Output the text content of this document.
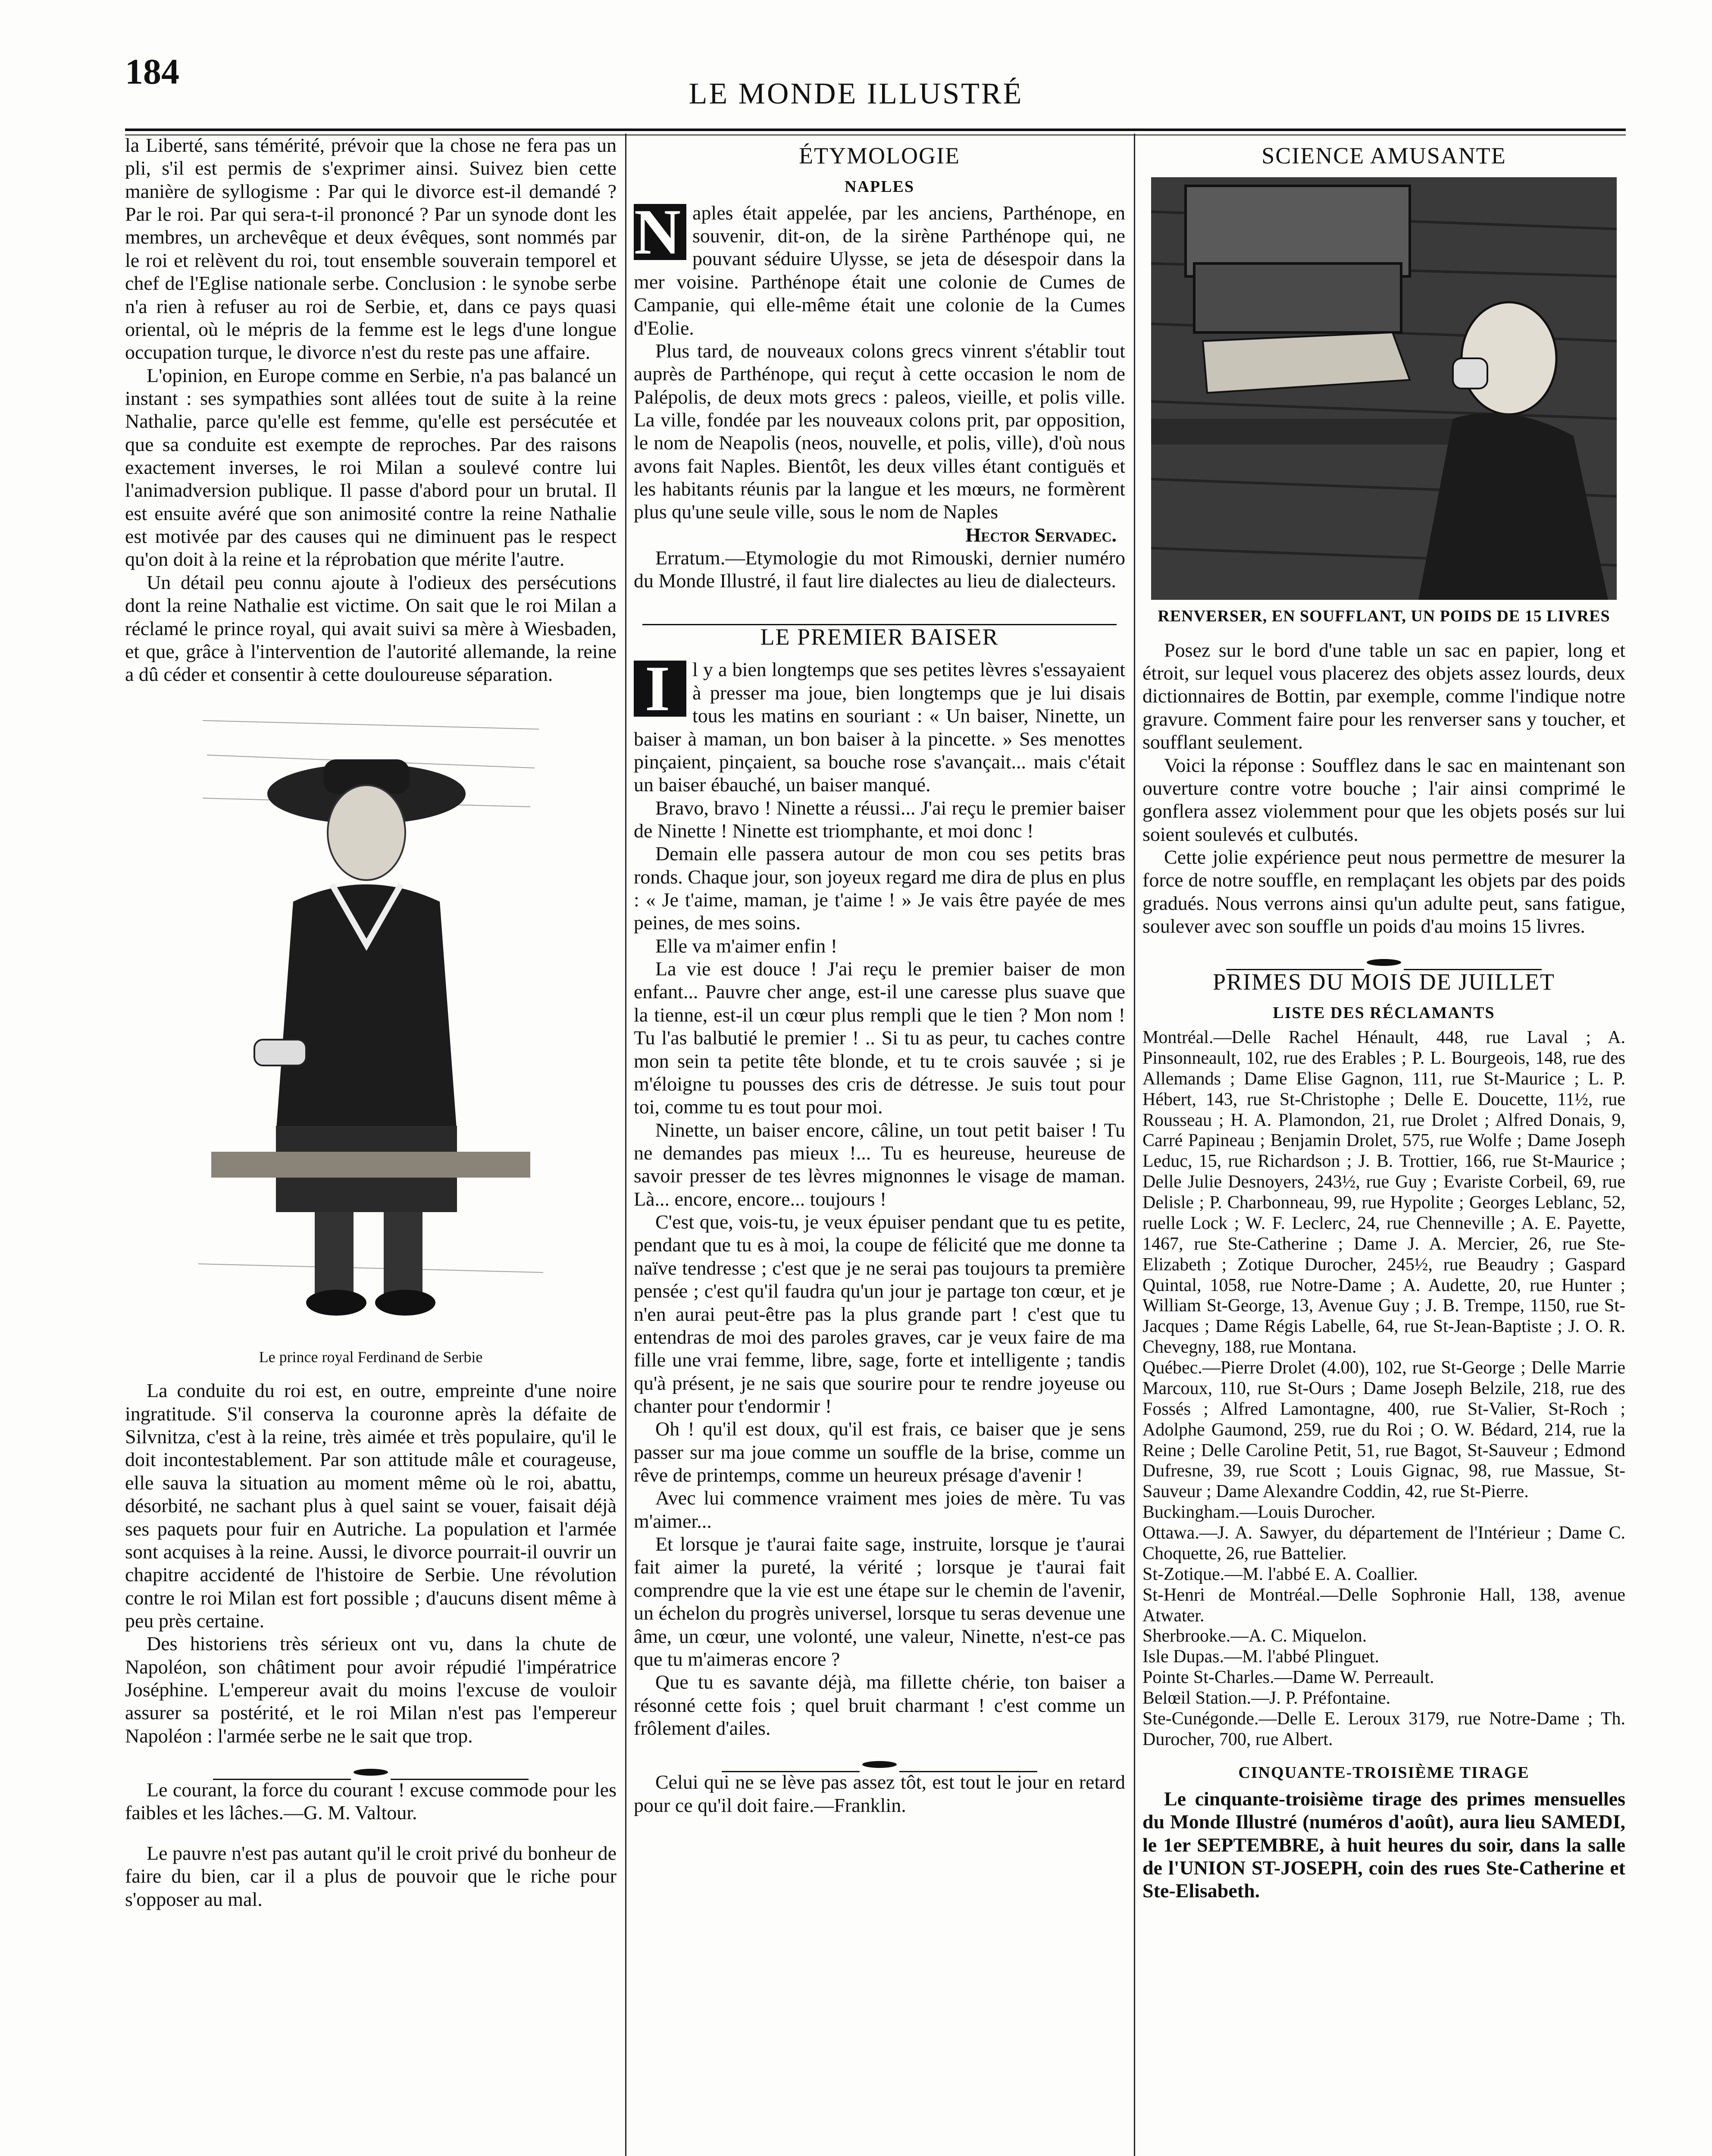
184
LE MONDE ILLUSTRÉ

la Liberté, sans témérité, prévoir que la chose ne fera pas un pli, s'il est permis de s'exprimer ainsi. Suivez bien cette manière de syllogisme : Par qui le divorce est-il demandé ? Par le roi. Par qui sera-t-il prononcé ? Par un synode dont les membres, un archevêque et deux évêques, sont nommés par le roi et relèvent du roi, tout ensemble souverain temporel et chef de l'Eglise nationale serbe. Conclusion : le synobe serbe n'a rien à refuser au roi de Serbie, et, dans ce pays quasi oriental, où le mépris de la femme est le legs d'une longue occupation turque, le divorce n'est du reste pas une affaire.

L'opinion, en Europe comme en Serbie, n'a pas balancé un instant : ses sympathies sont allées tout de suite à la reine Nathalie, parce qu'elle est femme, qu'elle est persécutée et que sa conduite est exempte de reproches. Par des raisons exactement inverses, le roi Milan a soulevé contre lui l'animadversion publique. Il passe d'abord pour un brutal. Il est ensuite avéré que son animosité contre la reine Nathalie est motivée par des causes qui ne diminuent pas le respect qu'on doit à la reine et la réprobation que mérite l'autre.

Un détail peu connu ajoute à l'odieux des persécutions dont la reine Nathalie est victime. On sait que le roi Milan a réclamé le prince royal, qui avait suivi sa mère à Wiesbaden, et que, grâce à l'intervention de l'autorité allemande, la reine a dû céder et consentir à cette douloureuse séparation.

Le prince royal Ferdinand de Serbie

La conduite du roi est, en outre, empreinte d'une noire ingratitude. S'il conserva la couronne après la défaite de Silvnitza, c'est à la reine, très aimée et très populaire, qu'il le doit incontestablement. Par son attitude mâle et courageuse, elle sauva la situation au moment même où le roi, abattu, désorbité, ne sachant plus à quel saint se vouer, faisait déjà ses paquets pour fuir en Autriche. La population et l'armée sont acquises à la reine. Aussi, le divorce pourrait-il ouvrir un chapitre accidenté de l'histoire de Serbie. Une révolution contre le roi Milan est fort possible ; d'aucuns disent même à peu près certaine.

Des historiens très sérieux ont vu, dans la chute de Napoléon, son châtiment pour avoir répudié l'impératrice Joséphine. L'empereur avait du moins l'excuse de vouloir assurer sa postérité, et le roi Milan n'est pas l'empereur Napoléon : l'armée serbe ne le sait que trop.

Le courant, la force du courant ! excuse commode pour les faibles et les lâches.—G. M. Valtour.

Le pauvre n'est pas autant qu'il le croit privé du bonheur de faire du bien, car il a plus de pouvoir que le riche pour s'opposer au mal.

ÉTYMOLOGIE
NAPLES
N aples était appelée, par les anciens, Parthénope, en souvenir, dit-on, de la sirène Parthénope qui, ne pouvant séduire Ulysse, se jeta de désespoir dans la mer voisine. Parthénope était une colonie de Cumes de Campanie, qui elle-même était une colonie de la Cumes d'Eolie.

Plus tard, de nouveaux colons grecs vinrent s'établir tout auprès de Parthénope, qui reçut à cette occasion le nom de Palépolis, de deux mots grecs : paleos, vieille, et polis ville. La ville, fondée par les nouveaux colons prit, par opposition, le nom de Neapolis (neos, nouvelle, et polis, ville), d'où nous avons fait Naples. Bientôt, les deux villes étant contiguës et les habitants réunis par la langue et les mœurs, ne formèrent plus qu'une seule ville, sous le nom de Naples

Hector Servadec.

Erratum.—Etymologie du mot Rimouski, dernier numéro du Monde Illustré, il faut lire dialectes au lieu de dialecteurs.

LE PREMIER BAISER
I	l y a bien longtemps que ses petites lèvres s'essayaient à presser ma joue, bien longtemps que je lui disais tous les matins en souriant : « Un baiser, Ninette, un baiser à maman, un bon baiser à la pincette. » Ses menottes pinçaient, pinçaient, sa bouche rose s'avançait... mais c'était un baiser ébauché, un baiser manqué.

Bravo, bravo ! Ninette a réussi... J'ai reçu le premier baiser de Ninette ! Ninette est triomphante, et moi donc !

Demain elle passera autour de mon cou ses petits bras ronds. Chaque jour, son joyeux regard me dira de plus en plus : « Je t'aime, maman, je t'aime ! » Je vais être payée de mes peines, de mes soins.

Elle va m'aimer enfin !

La vie est douce ! J'ai reçu le premier baiser de mon enfant... Pauvre cher ange, est-il une caresse plus suave que la tienne, est-il un cœur plus rempli que le tien ? Mon nom ! Tu l'as balbutié le premier ! .. Si tu as peur, tu caches contre mon sein ta petite tête blonde, et tu te crois sauvée ; si je m'éloigne tu pousses des cris de détresse. Je suis tout pour toi, comme tu es tout pour moi.

Ninette, un baiser encore, câline, un tout petit baiser ! Tu ne demandes pas mieux !... Tu es heureuse, heureuse de savoir presser de tes lèvres mignonnes le visage de maman. Là... encore, encore... toujours !

C'est que, vois-tu, je veux épuiser pendant que tu es petite, pendant que tu es à moi, la coupe de félicité que me donne ta naïve tendresse ; c'est que je ne serai pas toujours ta première pensée ; c'est qu'il faudra qu'un jour je partage ton cœur, et je n'en aurai peut-être pas la plus grande part ! c'est que tu entendras de moi des paroles graves, car je veux faire de ma fille une vrai femme, libre, sage, forte et intelligente ; tandis qu'à présent, je ne sais que sourire pour te rendre joyeuse ou chanter pour t'endormir !

Oh ! qu'il est doux, qu'il est frais, ce baiser que je sens passer sur ma joue comme un souffle de la brise, comme un rêve de printemps, comme un heureux présage d'avenir !

Avec lui commence vraiment mes joies de mère. Tu vas m'aimer...

Et lorsque je t'aurai faite sage, instruite, lorsque je t'aurai fait aimer la pureté, la vérité ; lorsque je t'aurai fait comprendre que la vie est une étape sur le chemin de l'avenir, un échelon du progrès universel, lorsque tu seras devenue une âme, un cœur, une volonté, une valeur, Ninette, n'est-ce pas que tu m'aimeras encore ?

Que tu es savante déjà, ma fillette chérie, ton baiser a résonné cette fois ; quel bruit charmant ! c'est comme un frôlement d'ailes.

Celui qui ne se lève pas assez tôt, est tout le jour en retard pour ce qu'il doit faire.—Franklin.

SCIENCE AMUSANTE
RENVERSER, EN SOUFFLANT, UN POIDS DE 15 LIVRES

Posez sur le bord d'une table un sac en papier, long et étroit, sur lequel vous placerez des objets assez lourds, deux dictionnaires de Bottin, par exemple, comme l'indique notre gravure. Comment faire pour les renverser sans y toucher, et soufflant seulement.

Voici la réponse : Soufflez dans le sac en maintenant son ouverture contre votre bouche ; l'air ainsi comprimé le gonflera assez violemment pour que les objets posés sur lui soient soulevés et culbutés.

Cette jolie expérience peut nous permettre de mesurer la force de notre souffle, en remplaçant les objets par des poids gradués. Nous verrons ainsi qu'un adulte peut, sans fatigue, soulever avec son souffle un poids d'au moins 15 livres.

PRIMES DU MOIS DE JUILLET
LISTE DES RÉCLAMANTS

Montréal.—Delle Rachel Hénault, 448, rue Laval ; A. Pinsonneault, 102, rue des Erables ; P. L. Bourgeois, 148, rue des Allemands ; Dame Elise Gagnon, 111, rue St-Maurice ; L. P. Hébert, 143, rue St-Christophe ; Delle E. Doucette, 11½, rue Rousseau ; H. A. Plamondon, 21, rue Drolet ; Alfred Donais, 9, Carré Papineau ; Benjamin Drolet, 575, rue Wolfe ; Dame Joseph Leduc, 15, rue Richardson ; J. B. Trottier, 166, rue St-Maurice ; Delle Julie Desnoyers, 243½, rue Guy ; Evariste Corbeil, 69, rue Delisle ; P. Charbonneau, 99, rue Hypolite ; Georges Leblanc, 52, ruelle Lock ; W. F. Leclerc, 24, rue Chenneville ; A. E. Payette, 1467, rue Ste-Catherine ; Dame J. A. Mercier, 26, rue Ste-Elizabeth ; Zotique Durocher, 245½, rue Beaudry ; Gaspard Quintal, 1058, rue Notre-Dame ; A. Audette, 20, rue Hunter ; William St-George, 13, Avenue Guy ; J. B. Trempe, 1150, rue St-Jacques ; Dame Régis Labelle, 64, rue St-Jean-Baptiste ; J. O. R. Chevegny, 188, rue Montana.

Québec.—Pierre Drolet (4.00), 102, rue St-George ; Delle Marrie Marcoux, 110, rue St-Ours ; Dame Joseph Belzile, 218, rue des Fossés ; Alfred Lamontagne, 400, rue St-Valier, St-Roch ; Adolphe Gaumond, 259, rue du Roi ; O. W. Bédard, 214, rue la Reine ; Delle Caroline Petit, 51, rue Bagot, St-Sauveur ; Edmond Dufresne, 39, rue Scott ; Louis Gignac, 98, rue Massue, St-Sauveur ; Dame Alexandre Coddin, 42, rue St-Pierre.

Buckingham.—Louis Durocher.

Ottawa.—J. A. Sawyer, du département de l'Intérieur ; Dame C. Choquette, 26, rue Battelier.

St-Zotique.—M. l'abbé E. A. Coallier.

St-Henri de Montréal.—Delle Sophronie Hall, 138, avenue Atwater.

Sherbrooke.—A. C. Miquelon.

Isle Dupas.—M. l'abbé Plinguet.

Pointe St-Charles.—Dame W. Perreault.

Belœil Station.—J. P. Préfontaine.

Ste-Cunégonde.—Delle E. Leroux 3179, rue Notre-Dame ; Th. Durocher, 700, rue Albert.

CINQUANTE-TROISIÈME TIRAGE

Le cinquante-troisième tirage des primes mensuelles du Monde Illustré (numéros d'août), aura lieu SAMEDI, le 1er SEPTEMBRE, à huit heures du soir, dans la salle de l'UNION ST-JOSEPH, coin des rues Ste-Catherine et Ste-Elisabeth.
